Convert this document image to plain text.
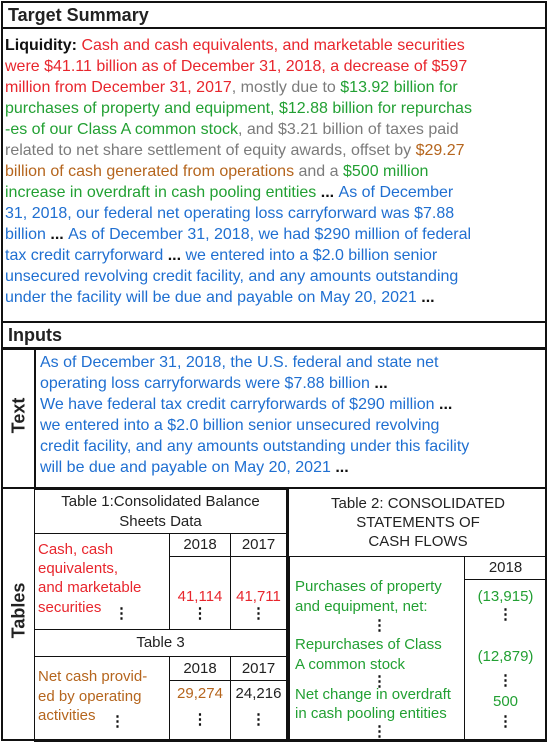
Target Summary
Liquidity: Cash and cash equivalents, and marketable securities
were $41.11 billion as of December 31, 2018, a decrease of $597
million from December 31, 2017, mostly due to $13.92 billion for
purchases of property and equipment, $12.88 billion for repurchas
-es of our Class A common stock, and $3.21 billion of taxes paid
related to net share settlement of equity awards, offset by $29.27
billion of cash generated from operations and a $500 million
increase in overdraft in cash pooling entities ... As of December
31, 2018, our federal net operating loss carryforward was $7.88
billion ... As of December 31, 2018, we had $290 million of federal
tax credit carryforward ... we entered into a $2.0 billion senior
unsecured revolving credit facility, and any amounts outstanding
under the facility will be due and payable on May 20, 2021 ...
Inputs
Text
As of December 31, 2018, the U.S. federal and state net
operating loss carryforwards were $7.88 billion ...
We have federal tax credit carryforwards of $290 million ...
we entered into a $2.0 billion senior unsecured revolving
credit facility, and any amounts outstanding under this facility
will be due and payable on May 20, 2021 ...
Tables
Table 1:Consolidated Balance
Sheets Data
Cash, cash
equivalents,
and marketable
securities ⋮
2018	2017
41,114
⋮
41,711
⋮
Table 3
Net cash provid-
ed by operating
activities ⋮
2018	2017
29,274
⋮
24,216
⋮
Table 2: CONSOLIDATED
STATEMENTS OF
CASH FLOWS
2018
Purchases of property
and equipment, net:
⋮
Repurchases of Class
A common stock
⋮
Net change in overdraft
in cash pooling entities
⋮
(13,915)
⋮
(12,879)
⋮
500
⋮
